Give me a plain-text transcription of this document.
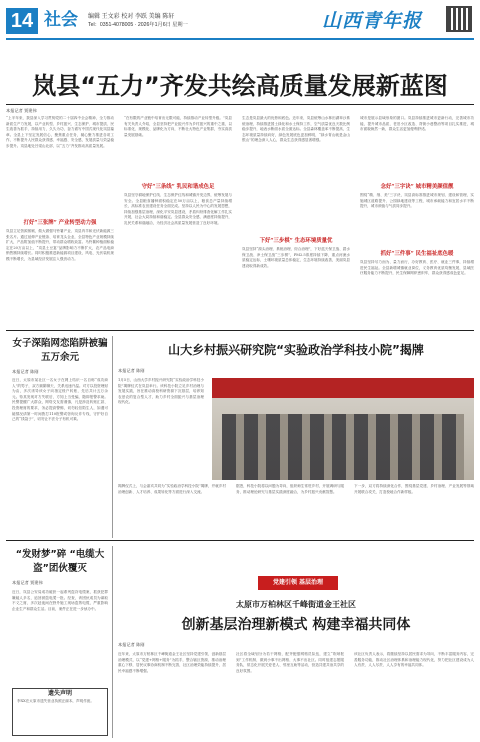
14 社会 编辑 王文彩 校对 李跃 美编 陈轩
Tel：0351-4078005 · 2026年1月6日 星期一	山西青年报
岚县“五力”齐发共绘高质量发展新蓝图
本报记者 贾建伟
“上半年来，我县深入学习贯彻党的二十届四中全会精神，全力推动新质生产力发展，以产业转型、乡村振兴、生态保护、城市提质、民生改善为抓手，持续用力，久久为功，奋力谱写中国式现代化岚县篇章。全县上下坚定发展信心，聚焦重点任务，凝心聚力推进各项工作，不断提升人民群众获得感、幸福感、安全感，发展质量与效益稳步提升。岚县地处吕梁山北部，以“五力”齐发推动高质量发展。
打好“三张牌” 产业转型动力强
岚县立足资源禀赋，做大做强马铃薯产业、岚县肉羊和光伏新能源三张名片。通过延伸产业链条、培育龙头企业，全县特色产业规模持续扩大，产品附加值不断提升，带动群众增收致富。马铃薯种植面积稳定在20万亩以上，“岚县土豆宴”品牌影响力不断扩大，农产品电商销售额持续增长。同时积极推进新能源项目建设，风电、光伏装机规模不断增长，为县域经济发展注入强劲动力。
“在有限的产业链中培育出无限可能，持续推动产业转型升级。”岚县有关负责人介绍，全县坚持把产业振兴作为乡村振兴的重中之重，以标准化、规模化、品牌化为方向，不断壮大特色产业集群，夯实高质量发展基础。
守好“三条线” 乳民和谐成色足
岚县坚守耕地保护红线、生态保护红线和城镇开发边界，统筹发展与安全。全县粮食播种面积稳定在50万亩以上，粮食总产量持续增长，高标准农田建设任务全面完成。坚持以人民为中心的发展思想，持续加强基层治理，深化平安岚县建设，矛盾纠纷排查化解工作扎实开展，社会大局持续和谐稳定。全县群众安全感、满意度持续提升，乳民关系和谐融洽，为经济社会高质量发展营造了良好环境。
生态是岚县最大的优势和底色。近年来，岚县统筹山水林田湖草沙系统治理，持续推进国土绿化和水土保持工作，空气质量优良天数比例稳步提升，地表水断面水质全面达标。全县森林覆盖率不断提高，生态环境质量持续向好，绿色发展底色更加鲜明，“绿水青山就是金山银山”的理念深入人心，群众生态获得感显著增强。
下好“三步棋” 生态环境质量优
岚县坚持“源头治理、系统治理、综合治理”，下好蓝天保卫战、碧水保卫战、净土保卫战“三步棋”，PM2.5浓度持续下降，重点河流水质稳定达标，土壤环境质量总体稳定，生态环境持续改善，美丽岚县建设取得新成效。
城市是展示县域形象的窗口。岚县持续推进城市更新行动，完善城市功能，提升城市品质，老旧小区改造、背街小巷整治等项目扎实推进，城市面貌焕然一新，群众生活更加便利舒适。
念好“三字诀” 城市精美颜值靓
围绕“精、细、美”三字诀，岚县高标准推进城市规划、建设和管理，实施城区道路提升、公园绿地建设等工程，城市承载能力和宜居水平不断提升，城市颜值与气质同步提升。
抓好“三件事” 民生福祉底色暖
岚县坚持尽力而为、量力而行，办好教育、医疗、就业三件事，持续增进民生福祉。全县新增城镇就业岗位，义务教育优质均衡发展，县域医疗服务能力不断提升，民生保障网织密织牢，群众获得感成色更足。
女子深陷网恋陷阱被骗五万余元
本报记者 陈刚
近日，太原市某社区一名女子在网上结识一名自称“成功商人”的男子，双方频繁聊天，关系迅速升温。对方以投资理财为由，多次诱导该女子向指定账户转账，先后共计五万余元。待其发现对方失联后，方知上当受骗，随即报警求助。民警提醒广大群众，网络交友需谨慎，凡是涉及转账汇款、投资理财的要求，务必提高警惕，切勿轻信陌生人，如遇可疑情况请第一时间拨打110报警或咨询反诈专线，守护好自己的“钱袋子”，切勿让不法分子有机可乘。
山大乡村振兴研究院“实验政治学科技小院”揭牌
本报记者 陈刚
1月5日，山西大学乡村振兴研究院“实验政治学科技小院”揭牌仪式在岚县举行。该科技小院立足乡村治理与发展实践，旨在推动高校科研资源下沉基层，培养知农爱农的复合型人才，助力乡村全面振兴与基层治理现代化。
揭牌仪式上，与会嘉宾共同为“实验政治学科技小院”揭牌，并就乡村治理创新、人才培养、成果转化等方面进行深入交流。
据悉，科技小院将以问题为导向，组织师生常驻乡村，开展调研与服务，推动理论研究与基层实践深度融合，为乡村振兴贡献智慧。
下一步，双方将持续深化合作，围绕基层党建、乡村治理、产业发展等领域开展联合攻关，打造校地合作新样板。
“发财梦”碎 “电缆大盗”团伙覆灭
本报记者 贾建伟
近日，岚县公安局成功破获一起系列盗窃电缆案，抓获犯罪嫌疑人多名，追回被盗电缆一批。经查，该团伙成员为谋取不义之财，多次趁夜间在野外施工现场盗剪电缆，严重影响企业生产和群众生活。目前，案件正在进一步侦办中。
遗失声明
李XX在太原市遗失营业执照正副本，声明作废。
党建引领 基层治理
太原市万柏林区千峰街道金王社区
创新基层治理新模式 构建幸福共同体
本报记者 陈刚
近年来，太原市万柏林区千峰街道金王社区坚持党建引领，创新基层治理模式，以“党建+网格+服务”为抓手，整合辖区资源，推动治理重心下移，居民议事协商机制不断完善，社区治理效能持续提升，居民幸福感不断增强。
社区将全域划分为若干网格，配齐配强网格员队伍，建立“吹哨报到”工作机制，做到小事不出网格、大事不出社区。同时组建志愿服务队，常态化开展关爱老人、邻里互助等活动，营造共建共治共享的良好氛围。
该社区负责人表示，将继续坚持以居民需求为导向，不断丰富服务内容，完善服务功能，推动社区治理体系和治理能力现代化，努力把社区建设成为人人有责、人人尽责、人人享有的幸福共同体。
